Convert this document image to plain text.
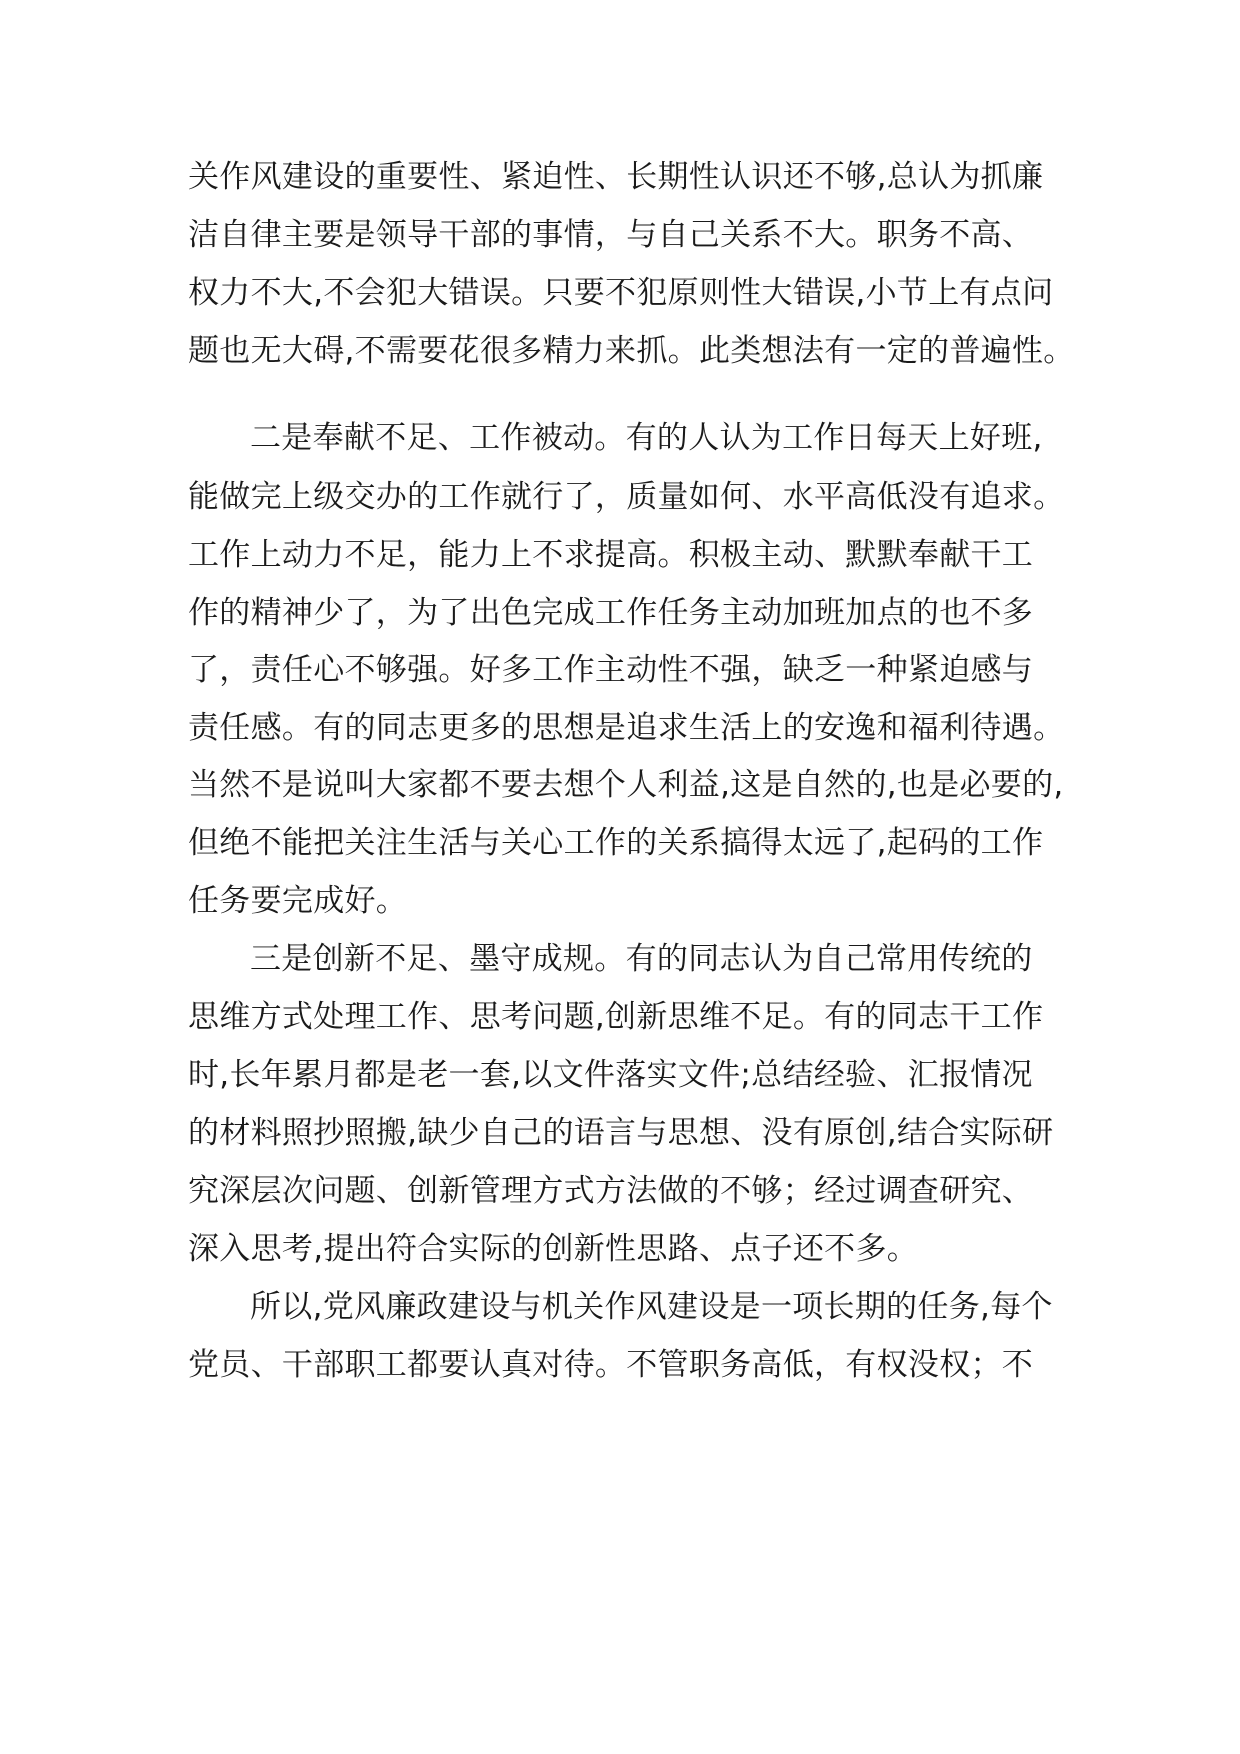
关作风建设的重要性、紧迫性、长期性认识还不够,总认为抓廉
洁自律主要是领导干部的事情，与自己关系不大。职务不高、
权力不大,不会犯大错误。只要不犯原则性大错误,小节上有点问
题也无大碍,不需要花很多精力来抓。此类想法有一定的普遍性。
二是奉献不足、工作被动。有的人认为工作日每天上好班,
能做完上级交办的工作就行了，质量如何、水平高低没有追求。
工作上动力不足，能力上不求提高。积极主动、默默奉献干工
作的精神少了，为了出色完成工作任务主动加班加点的也不多
了，责任心不够强。好多工作主动性不强，缺乏一种紧迫感与
责任感。有的同志更多的思想是追求生活上的安逸和福利待遇。
当然不是说叫大家都不要去想个人利益,这是自然的,也是必要的,
但绝不能把关注生活与关心工作的关系搞得太远了,起码的工作
任务要完成好。
三是创新不足、墨守成规。有的同志认为自己常用传统的
思维方式处理工作、思考问题,创新思维不足。有的同志干工作
时,长年累月都是老一套,以文件落实文件;总结经验、汇报情况
的材料照抄照搬,缺少自己的语言与思想、没有原创,结合实际研
究深层次问题、创新管理方式方法做的不够；经过调查研究、
深入思考,提出符合实际的创新性思路、点子还不多。
所以,党风廉政建设与机关作风建设是一项长期的任务,每个
党员、干部职工都要认真对待。不管职务高低，有权没权；不
